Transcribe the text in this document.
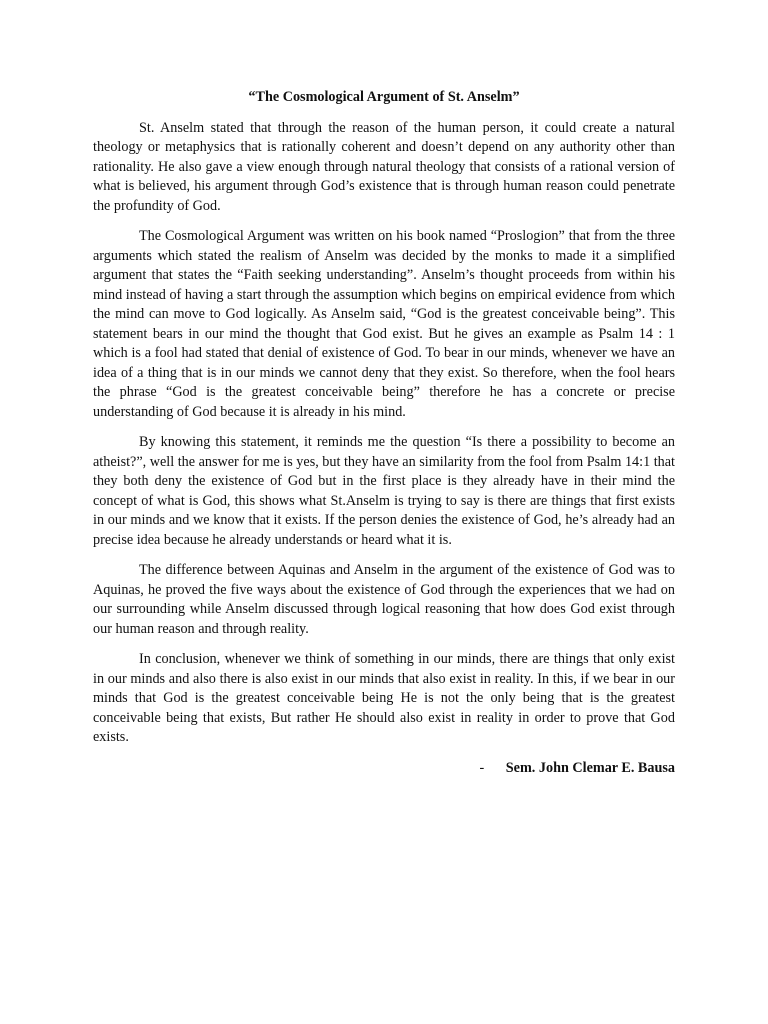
“The Cosmological Argument of St. Anselm”

St. Anselm stated that through the reason of the human person, it could create a natural theology or metaphysics that is rationally coherent and doesn’t depend on any authority other than rationality. He also gave a view enough through natural theology that consists of a rational version of what is believed, his argument through God’s existence that is through human reason could penetrate the profundity of God.

The Cosmological Argument was written on his book named “Proslogion” that from the three arguments which stated the realism of Anselm was decided by the monks to made it a simplified argument that states the “Faith seeking understanding”. Anselm’s thought proceeds from within his mind instead of having a start through the assumption which begins on empirical evidence from which the mind can move to God logically. As Anselm said, “God is the greatest conceivable being”. This statement bears in our mind the thought that God exist. But he gives an example as Psalm 14 : 1 which is a fool had stated that denial of existence of God. To bear in our minds, whenever we have an idea of a thing that is in our minds we cannot deny that they exist. So therefore, when the fool hears the phrase “God is the greatest conceivable being” therefore he has a concrete or precise understanding of God because it is already in his mind.

By knowing this statement, it reminds me the question “Is there a possibility to become an atheist?”, well the answer for me is yes, but they have an similarity from the fool from Psalm 14:1 that they both deny the existence of God but in the first place is they already have in their mind the concept of what is God, this shows what St.Anselm is trying to say is there are things that first exists in our minds and we know that it exists. If the person denies the existence of God, he’s already had an precise idea because he already understands or heard what it is.

The difference between Aquinas and Anselm in the argument of the existence of God was to Aquinas, he proved the five ways about the existence of God through the experiences that we had on our surrounding while Anselm discussed through logical reasoning that how does God exist through our human reason and through reality.

In conclusion, whenever we think of something in our minds, there are things that only exist in our minds and also there is also exist in our minds that also exist in reality. In this, if we bear in our minds that God is the greatest conceivable being He is not the only being that is the greatest conceivable being that exists, But rather He should also exist in reality in order to prove that God exists.

- Sem. John Clemar E. Bausa
